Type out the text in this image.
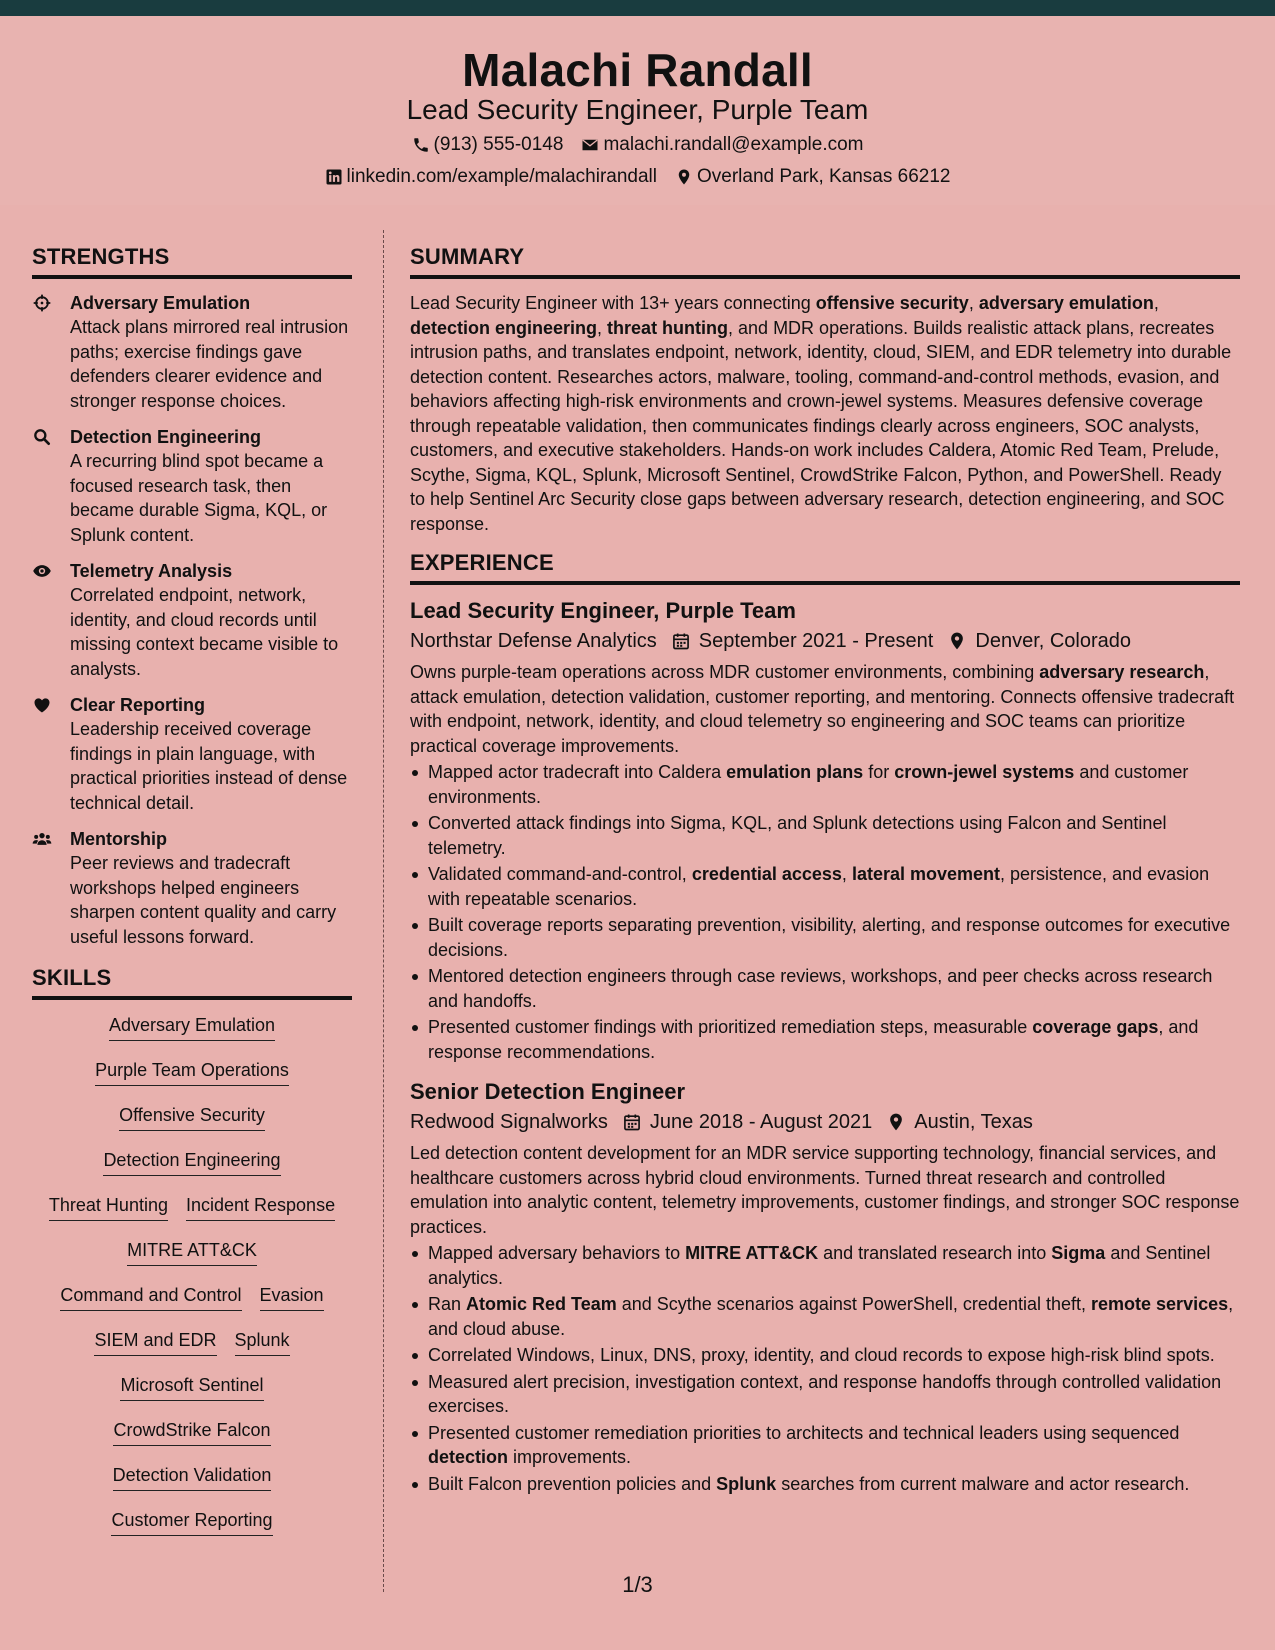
Malachi Randall
Lead Security Engineer, Purple Team
(913) 555-0148 malachi.randall@example.com
linkedin.com/example/malachirandall Overland Park, Kansas 66212
STRENGTHS
Adversary Emulation
Attack plans mirrored real intrusion paths; exercise findings gave defenders clearer evidence and stronger response choices.
Detection Engineering
A recurring blind spot became a focused research task, then became durable Sigma, KQL, or Splunk content.
Telemetry Analysis
Correlated endpoint, network, identity, and cloud records until missing context became visible to analysts.
Clear Reporting
Leadership received coverage findings in plain language, with practical priorities instead of dense technical detail.
Mentorship
Peer reviews and tradecraft workshops helped engineers sharpen content quality and carry useful lessons forward.
SKILLS
Adversary Emulation
Purple Team Operations
Offensive Security
Detection Engineering
Threat Hunting Incident Response
MITRE ATT&CK
Command and Control Evasion
SIEM and EDR Splunk
Microsoft Sentinel
CrowdStrike Falcon
Detection Validation
Customer Reporting
SUMMARY
Lead Security Engineer with 13+ years connecting offensive security, adversary emulation, detection engineering, threat hunting, and MDR operations. Builds realistic attack plans, recreates intrusion paths, and translates endpoint, network, identity, cloud, SIEM, and EDR telemetry into durable detection content. Researches actors, malware, tooling, command-and-control methods, evasion, and behaviors affecting high-risk environments and crown-jewel systems. Measures defensive coverage through repeatable validation, then communicates findings clearly across engineers, SOC analysts, customers, and executive stakeholders. Hands-on work includes Caldera, Atomic Red Team, Prelude, Scythe, Sigma, KQL, Splunk, Microsoft Sentinel, CrowdStrike Falcon, Python, and PowerShell. Ready to help Sentinel Arc Security close gaps between adversary research, detection engineering, and SOC response.
EXPERIENCE
Lead Security Engineer, Purple Team
Northstar Defense Analytics September 2021 - Present Denver, Colorado
Owns purple-team operations across MDR customer environments, combining adversary research, attack emulation, detection validation, customer reporting, and mentoring. Connects offensive tradecraft with endpoint, network, identity, and cloud telemetry so engineering and SOC teams can prioritize practical coverage improvements.
Mapped actor tradecraft into Caldera emulation plans for crown-jewel systems and customer environments.
Converted attack findings into Sigma, KQL, and Splunk detections using Falcon and Sentinel telemetry.
Validated command-and-control, credential access, lateral movement, persistence, and evasion with repeatable scenarios.
Built coverage reports separating prevention, visibility, alerting, and response outcomes for executive decisions.
Mentored detection engineers through case reviews, workshops, and peer checks across research and handoffs.
Presented customer findings with prioritized remediation steps, measurable coverage gaps, and response recommendations.
Senior Detection Engineer
Redwood Signalworks June 2018 - August 2021 Austin, Texas
Led detection content development for an MDR service supporting technology, financial services, and healthcare customers across hybrid cloud environments. Turned threat research and controlled emulation into analytic content, telemetry improvements, customer findings, and stronger SOC response practices.
Mapped adversary behaviors to MITRE ATT&CK and translated research into Sigma and Sentinel analytics.
Ran Atomic Red Team and Scythe scenarios against PowerShell, credential theft, remote services, and cloud abuse.
Correlated Windows, Linux, DNS, proxy, identity, and cloud records to expose high-risk blind spots.
Measured alert precision, investigation context, and response handoffs through controlled validation exercises.
Presented customer remediation priorities to architects and technical leaders using sequenced detection improvements.
Built Falcon prevention policies and Splunk searches from current malware and actor research.
1/3
